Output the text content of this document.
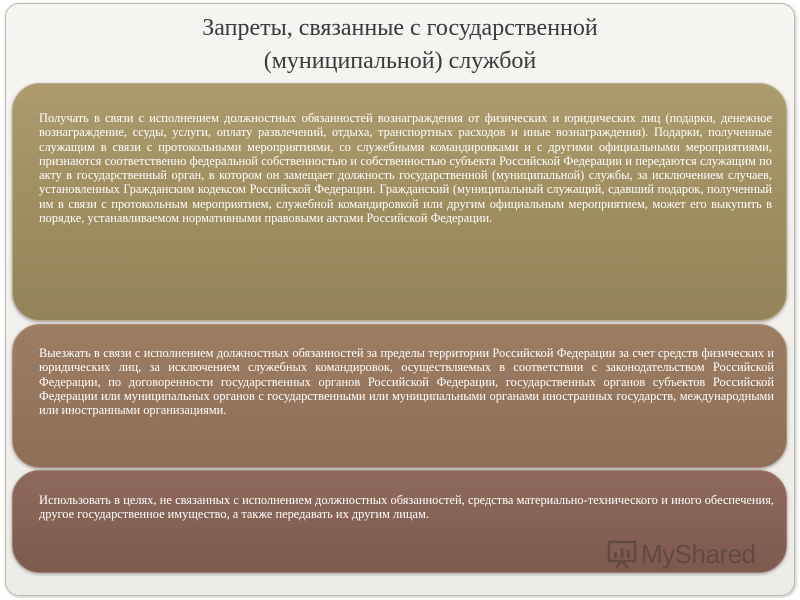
Запреты, связанные с государственной
(муниципальной) службой

Получать в связи с исполнением должностных обязанностей вознаграждения от физических и юридических лиц (подарки, денежное вознаграждение, ссуды, услуги, оплату развлечений, отдыха, транспортных расходов и иные вознаграждения). Подарки, полученные служащим в связи с протокольными мероприятиями, со служебными командировками и с другими официальными мероприятиями, признаются соответственно федеральной собственностью и собственностью субъекта Российской Федерации и передаются служащим по акту в государственный орган, в котором он замещает должность государственной (муниципальной) службы, за исключением случаев, установленных Гражданским кодексом Российской Федерации. Гражданский (муниципальный служащий, сдавший подарок, полученный им в связи с протокольным мероприятием, служебной командировкой или другим официальным мероприятием, может его выкупить в порядке, устанавливаемом нормативными правовыми актами Российской Федерации.

Выезжать в связи с исполнением должностных обязанностей за пределы территории Российской Федерации за счет средств физических и юридических лиц, за исключением служебных командировок, осуществляемых в соответствии с законодательством Российской Федерации, по договоренности государственных органов Российской Федерации, государственных органов субъектов Российской Федерации или муниципальных органов с государственными или муниципальными органами иностранных государств, международными или иностранными организациями.

Использовать в целях, не связанных с исполнением должностных обязанностей, средства материально-технического и иного обеспечения, другое государственное имущество, а также передавать их другим лицам.

MyShared
